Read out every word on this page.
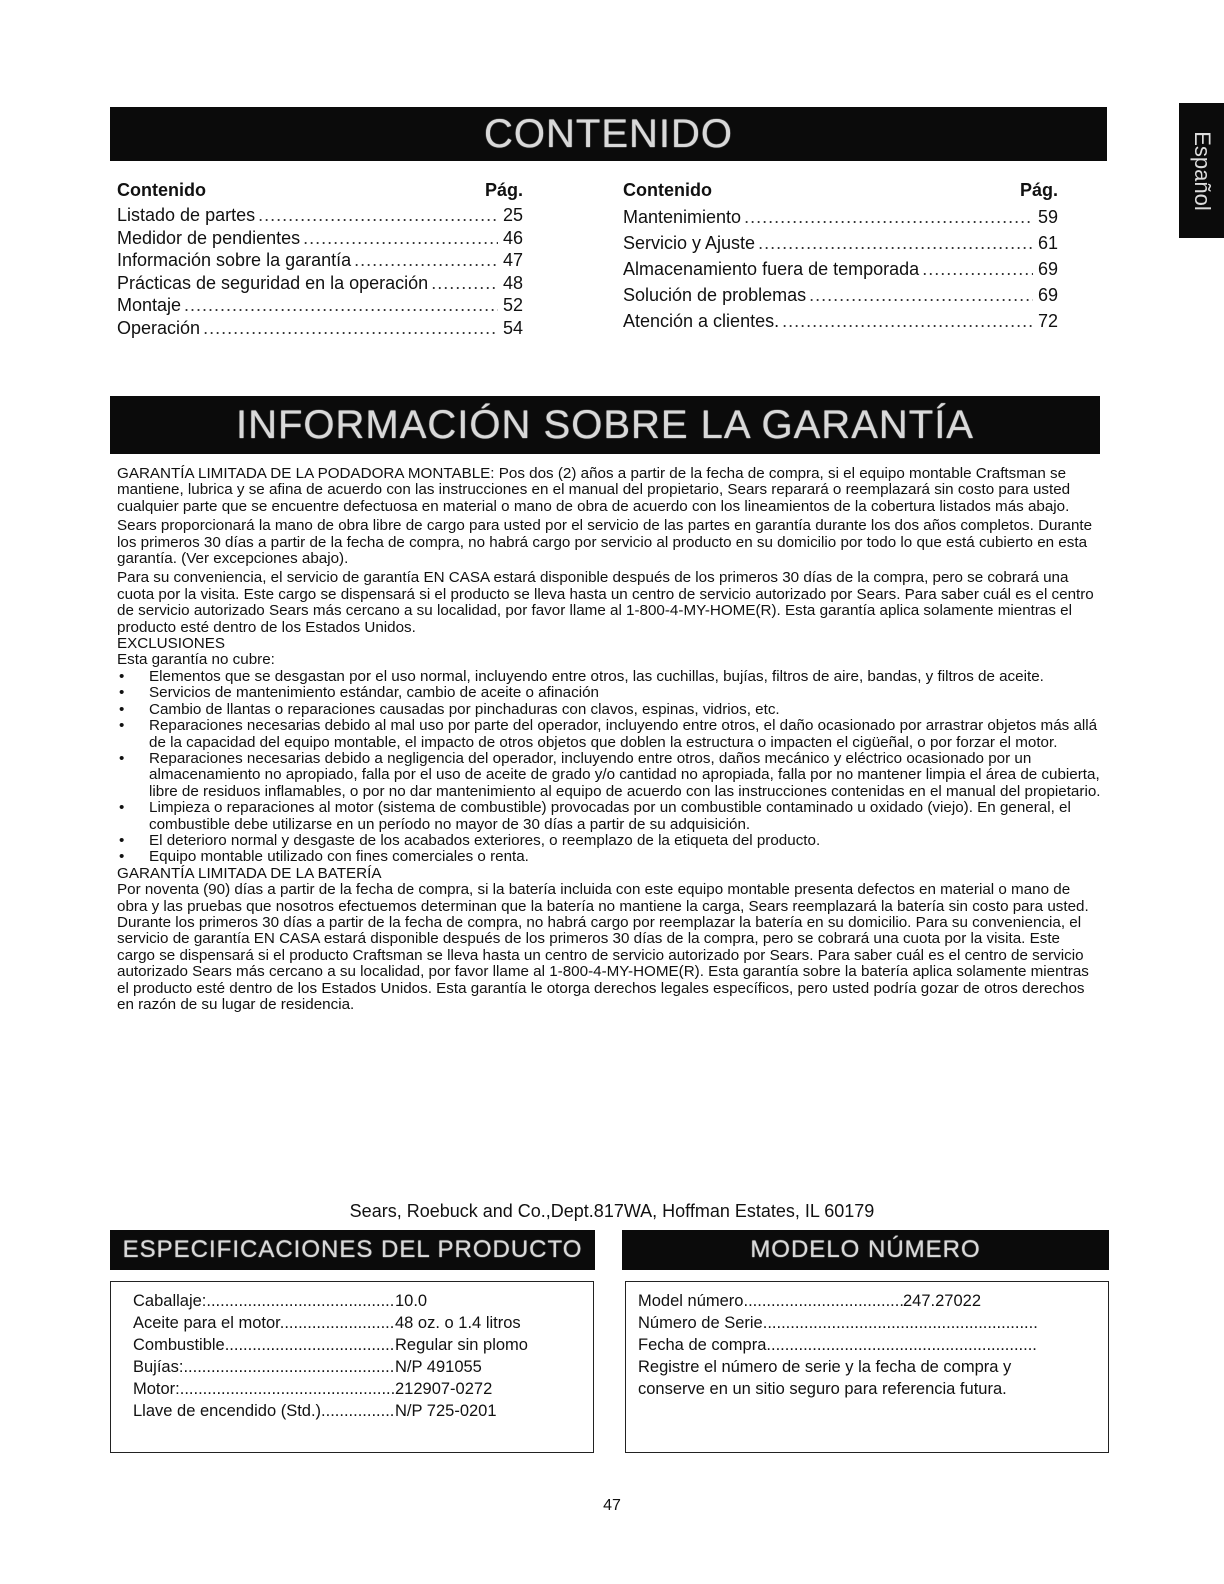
Español
CONTENIDO
Contenido	Pág.
Listado de partes .....	25
Medidor de pendientes .....	46
Información sobre la garantía .....	47
Prácticas de seguridad en la operación .....	48
Montaje .....	52
Operación .....	54
Contenido	Pág.
Mantenimiento .....	59
Servicio y Ajuste .....	61
Almacenamiento fuera de temporada .....	69
Solución de problemas .....	69
Atención a clientes. .....	72
INFORMACIÓN SOBRE LA GARANTÍA

GARANTÍA LIMITADA DE LA PODADORA MONTABLE: Pos dos (2) años a partir de la fecha de compra, si el equipo montable Craftsman se mantiene, lubrica y se afina de acuerdo con las instrucciones en el manual del propietario, Sears reparará o reemplazará sin costo para usted cualquier parte que se encuentre defectuosa en material o mano de obra de acuerdo con los lineamientos de la cobertura listados más abajo.

Sears proporcionará la mano de obra libre de cargo para usted por el servicio de las partes en garantía durante los dos años completos. Durante los primeros 30 días a partir de la fecha de compra, no habrá cargo por servicio al producto en su domicilio por todo lo que está cubierto en esta garantía. (Ver excepciones abajo).

Para su conveniencia, el servicio de garantía EN CASA estará disponible después de los primeros 30 días de la compra, pero se cobrará una cuota por la visita. Este cargo se dispensará si el producto se lleva hasta un centro de servicio autorizado por Sears. Para saber cuál es el centro de servicio autorizado Sears más cercano a su localidad, por favor llame al 1-800-4-MY-HOME(R). Esta garantía aplica solamente mientras el producto esté dentro de los Estados Unidos.

EXCLUSIONES

Esta garantía no cubre:

• Elementos que se desgastan por el uso normal, incluyendo entre otros, las cuchillas, bujías, filtros de aire, bandas, y filtros de aceite.
• Servicios de mantenimiento estándar, cambio de aceite o afinación
• Cambio de llantas o reparaciones causadas por pinchaduras con clavos, espinas, vidrios, etc.
• Reparaciones necesarias debido al mal uso por parte del operador, incluyendo entre otros, el daño ocasionado por arrastrar objetos más allá de la capacidad del equipo montable, el impacto de otros objetos que doblen la estructura o impacten el cigüeñal, o por forzar el motor.
• Reparaciones necesarias debido a negligencia del operador, incluyendo entre otros, daños mecánico y eléctrico ocasionado por un almacenamiento no apropiado, falla por el uso de aceite de grado y/o cantidad no apropiada, falla por no mantener limpia el área de cubierta, libre de residuos inflamables, o por no dar mantenimiento al equipo de acuerdo con las instrucciones contenidas en el manual del propietario.
• Limpieza o reparaciones al motor (sistema de combustible) provocadas por un combustible contaminado u oxidado (viejo). En general, el combustible debe utilizarse en un período no mayor de 30 días a partir de su adquisición.
• El deterioro normal y desgaste de los acabados exteriores, o reemplazo de la etiqueta del producto.
• Equipo montable utilizado con fines comerciales o renta.

GARANTÍA LIMITADA DE LA BATERÍA

Por noventa (90) días a partir de la fecha de compra, si la batería incluida con este equipo montable presenta defectos en material o mano de obra y las pruebas que nosotros efectuemos determinan que la batería no mantiene la carga, Sears reemplazará la batería sin costo para usted. Durante los primeros 30 días a partir de la fecha de compra, no habrá cargo por reemplazar la batería en su domicilio. Para su conveniencia, el servicio de garantía EN CASA estará disponible después de los primeros 30 días de la compra, pero se cobrará una cuota por la visita. Este cargo se dispensará si el producto Craftsman se lleva hasta un centro de servicio autorizado por Sears. Para saber cuál es el centro de servicio autorizado Sears más cercano a su localidad, por favor llame al 1-800-4-MY-HOME(R). Esta garantía sobre la batería aplica solamente mientras el producto esté dentro de los Estados Unidos. Esta garantía le otorga derechos legales específicos, pero usted podría gozar de otros derechos en razón de su lugar de residencia.

Sears, Roebuck and Co.,Dept.817WA, Hoffman Estates, IL 60179
ESPECIFICACIONES DEL PRODUCTO	MODELO NÚMERO
Caballaje: .....	10.0
Aceite para el motor .....	48 oz. o 1.4 litros
Combustible .....	Regular sin plomo
Bujías: .....	N/P 491055
Motor: .....	212907-0272
Llave de encendido (Std.) .....	N/P 725-0201
Model número .....	247.27022
Número de Serie .....
Fecha de compra .....
Registre el número de serie y la fecha de compra y conserve en un sitio seguro para referencia futura.
47
